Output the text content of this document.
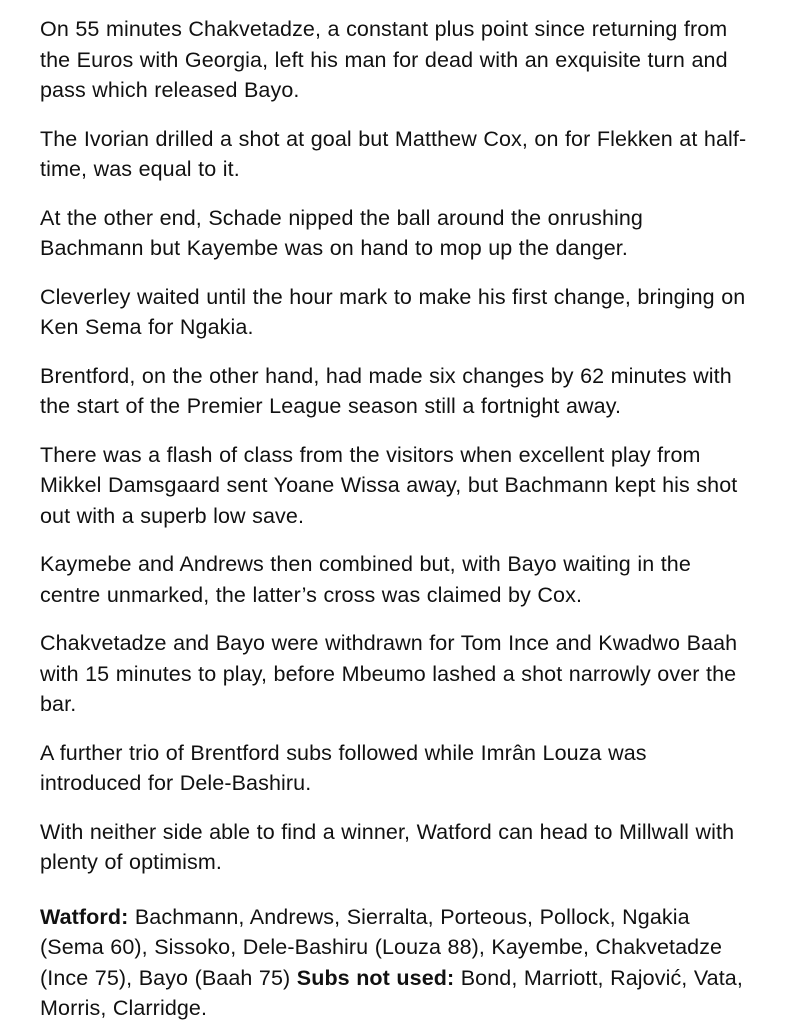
On 55 minutes Chakvetadze, a constant plus point since returning from the Euros with Georgia, left his man for dead with an exquisite turn and pass which released Bayo.

The Ivorian drilled a shot at goal but Matthew Cox, on for Flekken at half-time, was equal to it.

At the other end, Schade nipped the ball around the onrushing Bachmann but Kayembe was on hand to mop up the danger.

Cleverley waited until the hour mark to make his first change, bringing on Ken Sema for Ngakia.

Brentford, on the other hand, had made six changes by 62 minutes with the start of the Premier League season still a fortnight away.

There was a flash of class from the visitors when excellent play from Mikkel Damsgaard sent Yoane Wissa away, but Bachmann kept his shot out with a superb low save.

Kaymebe and Andrews then combined but, with Bayo waiting in the centre unmarked, the latter’s cross was claimed by Cox.

Chakvetadze and Bayo were withdrawn for Tom Ince and Kwadwo Baah with 15 minutes to play, before Mbeumo lashed a shot narrowly over the bar.

A further trio of Brentford subs followed while Imrân Louza was introduced for Dele-Bashiru.

With neither side able to find a winner, Watford can head to Millwall with plenty of optimism.

Watford: Bachmann, Andrews, Sierralta, Porteous, Pollock, Ngakia (Sema 60), Sissoko, Dele-Bashiru (Louza 88), Kayembe, Chakvetadze (Ince 75), Bayo (Baah 75) Subs not used: Bond, Marriott, Rajović, Vata, Morris, Clarridge.
